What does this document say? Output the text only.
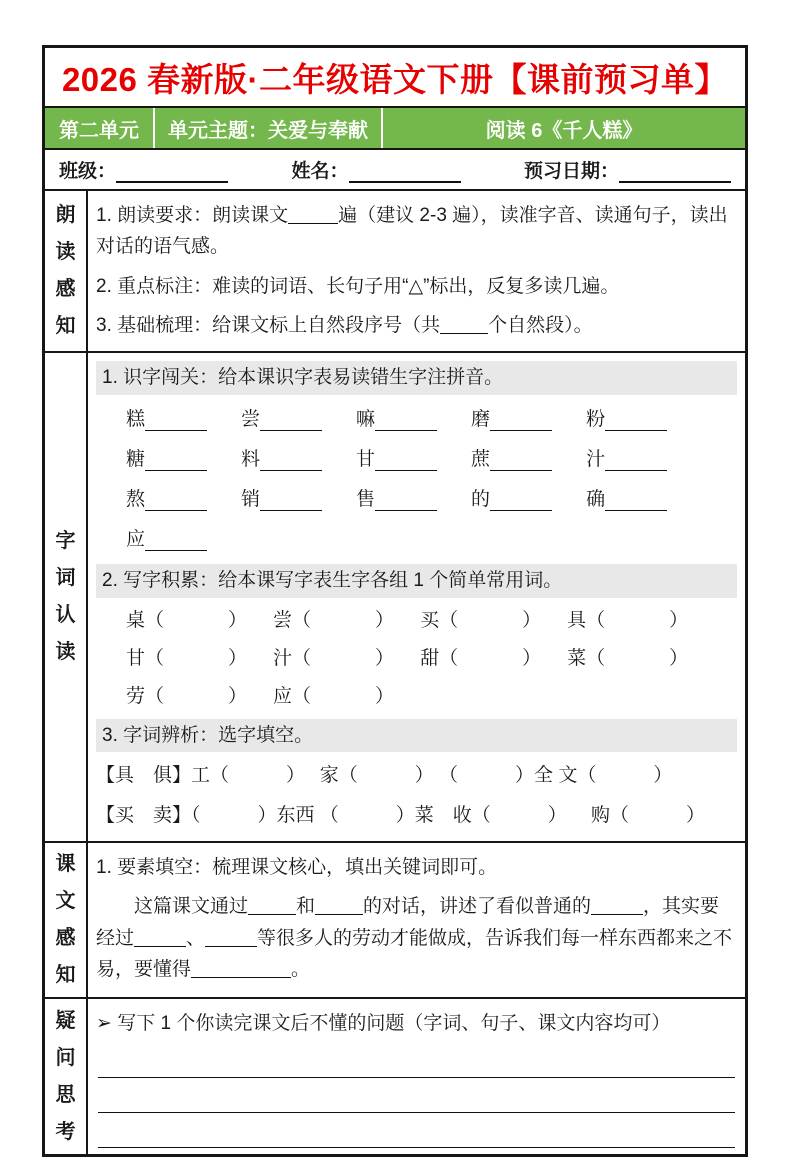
2026 春新版·二年级语文下册【课前预习单】
第二单元	单元主题：关爱与奉献	阅读 6《千人糕》
班级：	姓名：	预习日期：
朗读感知

1. 朗读要求：朗读课文	遍（建议 2-3 遍），读准字音、读通句子，读出对话的语气感。

2. 重点标注：难读的词语、长句子用“△”标出，反复多读几遍。

3. 基础梳理：给课文标上自然段序号（共	个自然段）。

字词认读
1. 识字闯关：给本课识字表易读错生字注拼音。
糕	尝	嘛	磨	粉
糖	料	甘	蔗	汁
熬	销	售	的	确
应
2. 写字积累：给本课写字表生字各组 1 个简单常用词。
桌（	） 尝（	） 买（	） 具（	）
甘（	） 汁（	） 甜（	） 菜（	）
劳（	） 应（	）
3. 字词辨析：选字填空。

【具　俱】工（　　　）　 家（　　　） （　　　）全 文（　　　）

【买　卖】（　　　）东西 （　　　）菜　收（　　　） 　购（　　　）

课文感知

1. 要素填空：梳理课文核心，填出关键词即可。

这篇课文通过	和	的对话，讲述了看似普通的	，其实要经过	、	等很多人的劳动才能做成，告诉我们每一样东西都来之不易，要懂得	。

疑问思考

➢ 写下 1 个你读完课文后不懂的问题（字词、句子、课文内容均可）
